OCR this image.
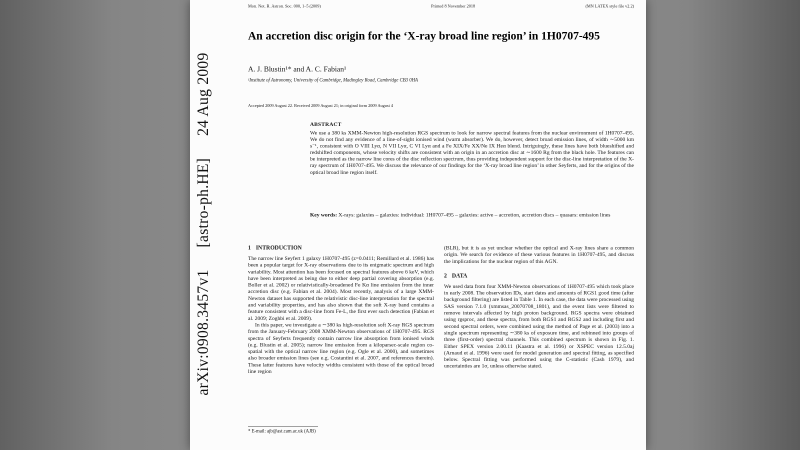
Mon. Not. R. Astron. Soc. 000, 1–5 (2009)	Printed 8 November 2018	(MN LATEX style file v2.2)
An accretion disc origin for the ‘X-ray broad line region’ in 1H0707-495
A. J. Blustin¹* and A. C. Fabian¹
¹Institute of Astronomy, University of Cambridge, Madingley Road, Cambridge CB3 0HA
Accepted 2009 August 22. Received 2009 August 21; in original form 2009 August 4
ABSTRACT
We use a 380 ks XMM-Newton high-resolution RGS spectrum to look for narrow spectral features from the nuclear environment of 1H0707-495. We do not find any evidence of a line-of-sight ionised wind (warm absorber). We do, however, detect broad emission lines, of width ∼5000 km s⁻¹, consistent with O VIII Lyα, N VII Lyα, C VI Lyα and a Fe XIX/Fe XX/Ne IX Heα blend. Intriguingly, these lines have both blueshifted and redshifted components, whose velocity shifts are consistent with an origin in an accretion disc at ∼1600 Rg from the black hole. The features can be interpreted as the narrow line cores of the disc reflection spectrum, thus providing independent support for the disc-line interpretation of the X-ray spectrum of 1H0707-495. We discuss the relevance of our findings for the ‘X-ray broad line region’ in other Seyferts, and for the origins of the optical broad line region itself.
Key words: X-rays: galaxies – galaxies: individual: 1H0707-495 – galaxies: active – accretion, accretion discs – quasars: emission lines
1 INTRODUCTION

The narrow line Seyfert 1 galaxy 1H0707-495 (z=0.0411; Remillard et al. 1986) has been a popular target for X-ray observations due to its enigmatic spectrum and high variability. Most attention has been focused on spectral features above 6 keV, which have been interpreted as being due to either deep partial covering absorption (e.g. Boller et al. 2002) or relativistically-broadened Fe Kα line emission from the inner accretion disc (e.g. Fabian et al. 2004). Most recently, analysis of a large XMM-Newton dataset has supported the relativistic disc-line interpretation for the spectral and variability properties, and has also shown that the soft X-ray band contains a feature consistent with a disc-line from Fe-L, the first ever such detection (Fabian et al. 2009; Zoghbi et al. 2009).

In this paper, we investigate a ∼380 ks high-resolution soft X-ray RGS spectrum from the January-February 2008 XMM-Newton observations of 1H0707-495. RGS spectra of Seyferts frequently contain narrow line absorption from ionised winds (e.g. Blustin et al. 2005); narrow line emission from a kiloparsec-scale region co-spatial with the optical narrow line region (e.g. Ogle et al. 2000), and sometimes also broader emission lines (see e.g. Costantini et al. 2007, and references therein). These latter features have velocity widths consistent with those of the optical broad line region

(BLR), but it is as yet unclear whether the optical and X-ray lines share a common origin. We search for evidence of these various features in 1H0707-495, and discuss the implications for the nuclear region of this AGN.

2 DATA

We used data from four XMM-Newton observations of 1H0707-495 which took place in early 2008. The observation IDs, start dates and amounts of RGS1 good time (after background filtering) are listed in Table 1. In each case, the data were processed using SAS version 7.1.0 (xmmsas_20070708_1801), and the event lists were filtered to remove intervals affected by high proton background. RGS spectra were obtained using rgsproc, and these spectra, from both RGS1 and RGS2 and including first and second spectral orders, were combined using the method of Page et al. (2003) into a single spectrum representing ∼380 ks of exposure time, and rebinned into groups of three (first-order) spectral channels. This combined spectrum is shown in Fig. 1. Either SPEX version 2.00.11 (Kaastra et al. 1996) or XSPEC version 12.5.0aj (Arnaud et al. 1996) were used for model generation and spectral fitting, as specified below. Spectral fitting was performed using the C-statistic (Cash 1979), and uncertainties are 1σ, unless otherwise stated.

* E-mail: ajb@ast.cam.ac.uk (AJB)
arXiv:0908.3457v1[astro-ph.HE]24 Aug 2009
